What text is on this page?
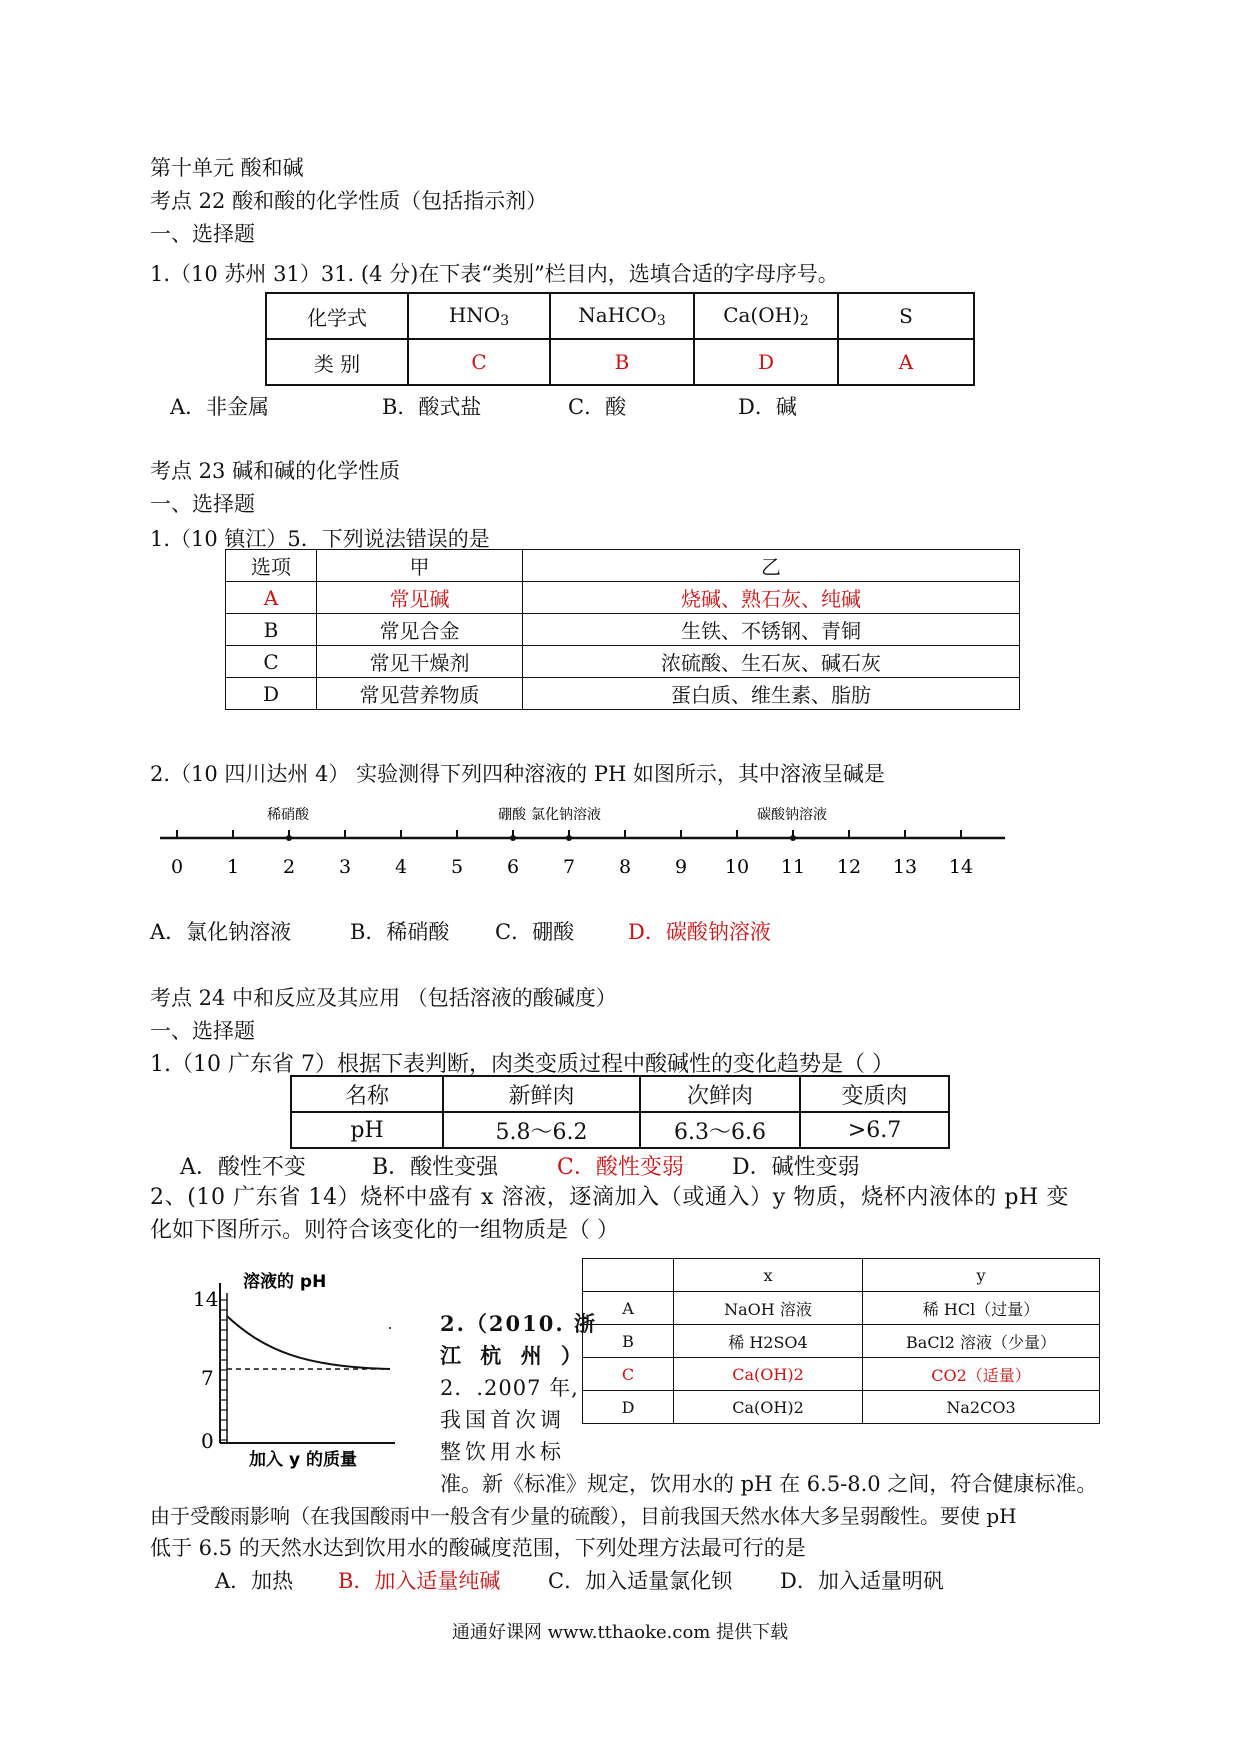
第十单元 酸和碱
考点 22 酸和酸的化学性质（包括指示剂）
一、选择题
1.（10 苏州 31）31. (4 分)在下表“类别”栏目内，选填合适的字母序号。
化学式	$HNO_3$	NaHCO$_3$	$Ca(OH)_2$	S
类 别	C	B	D	A
A．非金属	B．酸式盐	C．酸	D．碱
考点 23 碱和碱的化学性质
一、选择题
1.（10 镇江）5．下列说法错误的是
选项	甲	乙
A	常见碱	烧碱、熟石灰、纯碱
B	常见合金	生铁、不锈钢、青铜
C	常见干燥剂	浓硫酸、生石灰、碱石灰
D	常见营养物质	蛋白质、维生素、脂肪
2.（10 四川达州 4） 实验测得下列四种溶液的 PH 如图所示，其中溶液呈碱是
0 1 2 3 4 5 6 7 8 9 10 11 12 13 14
稀硝酸	硼酸 氯化钠溶液	碳酸钠溶液
A．氯化钠溶液	B．稀硝酸 C．硼酸	D．碳酸钠溶液
考点 24 中和反应及其应用 （包括溶液的酸碱度）
一、选择题
1.（10 广东省 7）根据下表判断，肉类变质过程中酸碱性的变化趋势是（ ）
名称	新鲜肉	次鲜肉	变质肉
pH	5.8～6.2	6.3～6.6	>6.7
A．酸性不变	B．酸性变强	C．酸性变弱 D．碱性变弱
2、(10 广东省 14）烧杯中盛有 x 溶液，逐滴加入（或通入）y 物质，烧杯内液体的 pH 变
化如下图所示。则符合该变化的一组物质是（ ）
溶液的 pH
14
7
0
加入 y 的质量
2.（2010. 浙
江 杭 州 ）
2．.2007 年,
我国首次调
整饮用水标
	x	y
A	NaOH 溶液	稀 HCl（过量）
B	稀 H2SO4	BaCl2 溶液（少量）
C	Ca(OH)2	CO2（适量）
D	Ca(OH)2	Na2CO3
准。新《标准》规定，饮用水的 pH 在 6.5-8.0 之间，符合健康标准。
由于受酸雨影响（在我国酸雨中一般含有少量的硫酸），目前我国天然水体大多呈弱酸性。要使 pH
低于 6.5 的天然水达到饮用水的酸碱度范围，下列处理方法最可行的是
A．加热 B．加入适量纯碱 C．加入适量氯化钡 D．加入适量明矾
通通好课网 www.tthaoke.com 提供下载
